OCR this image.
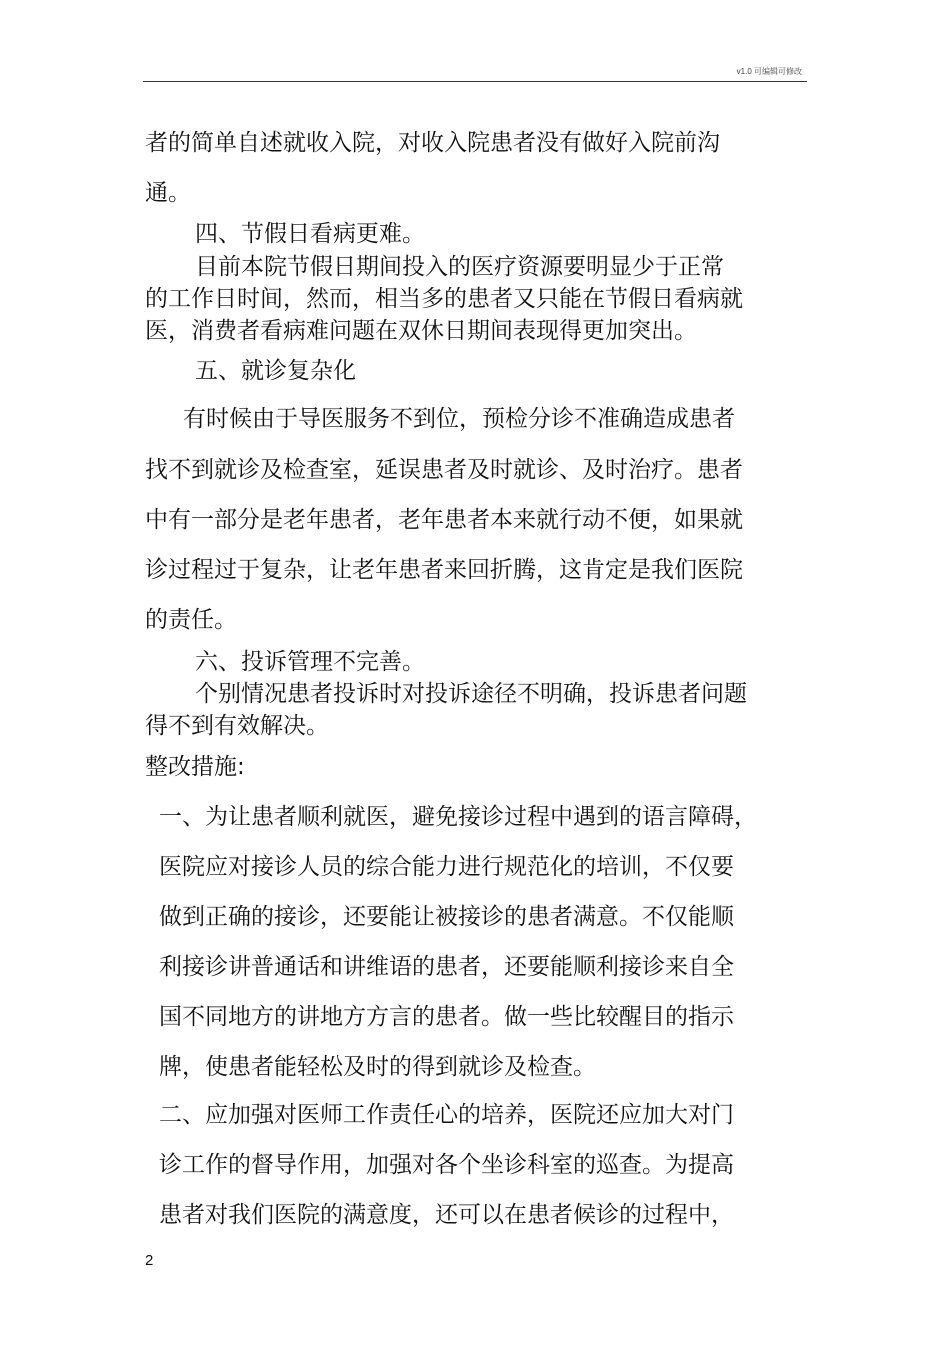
v1.0 可编辑可修改
者的简单自述就收入院，对收入院患者没有做好入院前沟
通。
四、节假日看病更难。
目前本院节假日期间投入的医疗资源要明显少于正常
的工作日时间，然而，相当多的患者又只能在节假日看病就
医，消费者看病难问题在双休日期间表现得更加突出。
五、就诊复杂化
有时候由于导医服务不到位，预检分诊不准确造成患者
找不到就诊及检查室，延误患者及时就诊、及时治疗。患者
中有一部分是老年患者，老年患者本来就行动不便，如果就
诊过程过于复杂，让老年患者来回折腾，这肯定是我们医院
的责任。
六、投诉管理不完善。
个别情况患者投诉时对投诉途径不明确，投诉患者问题
得不到有效解决。
整改措施:
一、为让患者顺利就医，避免接诊过程中遇到的语言障碍，
医院应对接诊人员的综合能力进行规范化的培训，不仅要
做到正确的接诊，还要能让被接诊的患者满意。不仅能顺
利接诊讲普通话和讲维语的患者，还要能顺利接诊来自全
国不同地方的讲地方方言的患者。做一些比较醒目的指示
牌，使患者能轻松及时的得到就诊及检查。
二、应加强对医师工作责任心的培养，医院还应加大对门
诊工作的督导作用，加强对各个坐诊科室的巡查。为提高
患者对我们医院的满意度，还可以在患者候诊的过程中，
2
